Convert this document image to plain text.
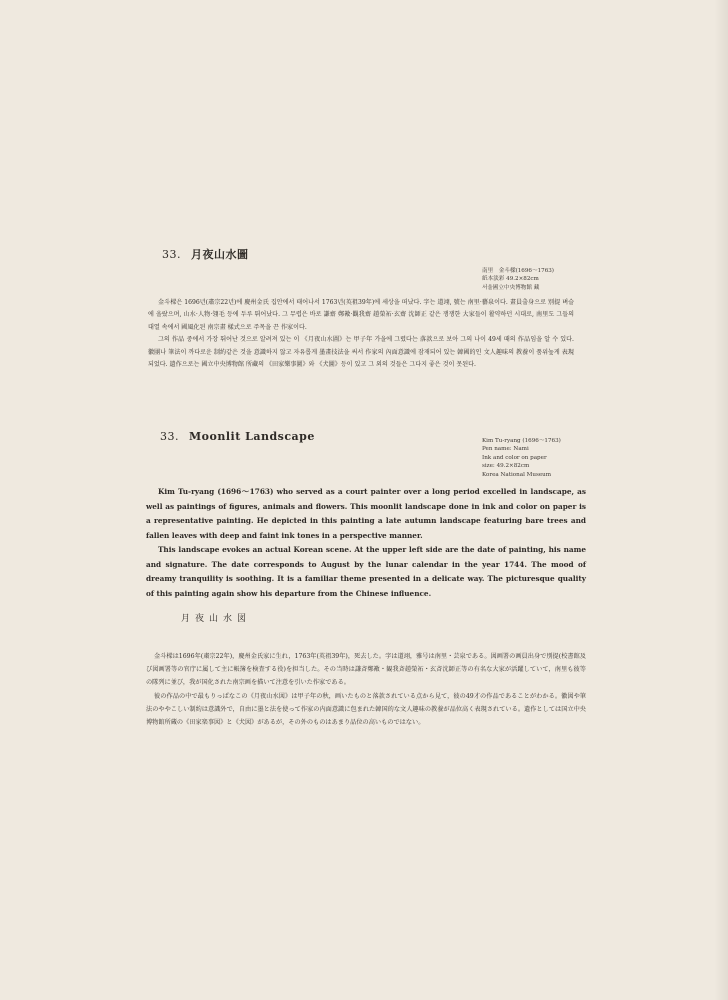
33. 月夜山水圖
南里　金斗樑(1696～1763)
紙本淡彩 49.2×82cm
서울國立中央博物館 藏

金斗樑은 1696년(肅宗22년)에 慶州金氏 집안에서 태어나서 1763년(英祖39年)에 세상을 떠났다. 字는 道翊, 號는 南里·藝泉이다. 畫員출身으로 別提 벼슬에 올랐으며, 山水·人物·翎毛 등에 두루 뛰어났다. 그 무렵은 바로 謙齋 鄭敾·觀我齋 趙榮祏·玄齋 沈師正 같은 쟁쟁한 大家들이 활약하던 시대로, 南里도 그들의 대열 속에서 國風化된 南宗畫 樣式으로 주목을 끈 作家이다.

그의 作品 중에서 가장 뛰어난 것으로 알려져 있는 이 《月夜山水圖》는 甲子年 가을에 그렸다는 落款으로 보아 그의 나이 49세 때의 作品임을 알 수 있다. 徽團나 筆法이 까다로운 制約같은 것을 意識하지 않고 자유롭게 墨畫技法을 써서 作家의 內面意識에 잠재되어 있는 韓國的인 文人趣味의 教養이 품위높게 表現되었다. 遺作으로는 國立中央博物館 所藏의 《田家樂事圖》와 《犬圖》등이 있고 그 외의 것들은 그다지 좋은 것이 못된다.

33. Moonlit Landscape	Kim Tu-ryang (1696～1763)
Pen name: Nami
Ink and color on paper
size: 49.2×82cm
Korea National Museum

Kim Tu-ryang (1696～1763) who served as a court painter over a long period excelled in landscape, as well as paintings of figures, animals and flowers. This moonlit landscape done in ink and color on paper is a representative painting. He depicted in this painting a late autumn landscape featuring bare trees and fallen leaves with deep and faint ink tones in a perspective manner.

This landscape evokes an actual Korean scene. At the upper left side are the date of painting, his name and signature. The date corresponds to August by the lunar calendar in the year 1744. The mood of dreamy tranquility is soothing. It is a familiar theme presented in a delicate way. The picturesque quality of this painting again show his departure from the Chinese influence.

月夜山水図

金斗樑は1696年(粛宗22年)，慶州金氏家に生れ，1763年(英祖39年)，死去した。字は道翊，雅号は南里・芸泉である。図画署の画員出身で別提(校書館及び図画署等の官庁に属して主に帳簿を検査する役)を担当した。その当時は謙斉鄭敾・観我斉趙榮祏・玄斉沈師正等の有名な大家が活躍していて，南里も彼等の隊列に並び，我が国化された南宗画を描いて注意を引いた作家である。

彼の作品の中で最もりっぱなこの《月夜山水図》は甲子年の秋，画いたものと落款されている点から見て，彼の49才の作品であることがわかる。徽図や筆法のややこしい制約は意識外で，自由に墨と法を使って作家の内面意識に包まれた韓国的な文人趣味の教養が品位高く表現されている。遺作としては国立中央博物館所蔵の《田家楽事図》と《犬図》があるが，その外のものはあまり品位の高いものではない。
